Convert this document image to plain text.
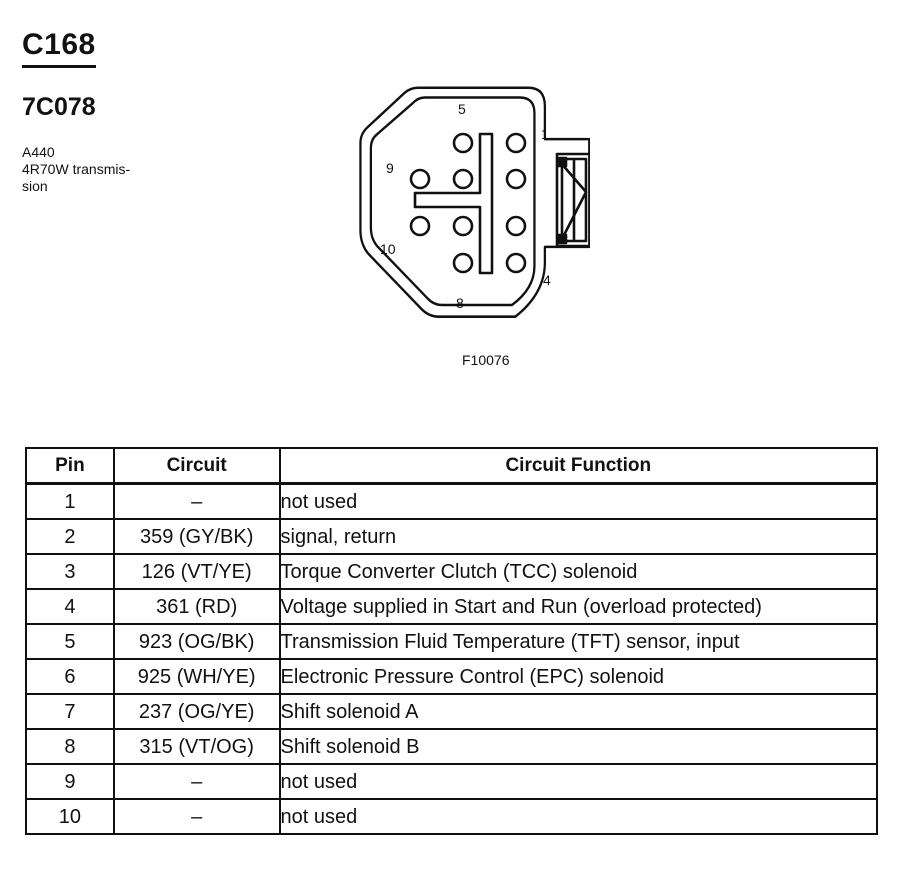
C168
7C078
A440
4R70W transmis-
sion
5
1
9
10
4
8
F10076
Pin	Circuit	Circuit Function
1	–	not used
2	359 (GY/BK)	signal, return
3	126 (VT/YE)	Torque Converter Clutch (TCC) solenoid
4	361 (RD)	Voltage supplied in Start and Run (overload protected)
5	923 (OG/BK)	Transmission Fluid Temperature (TFT) sensor, input
6	925 (WH/YE)	Electronic Pressure Control (EPC) solenoid
7	237 (OG/YE)	Shift solenoid A
8	315 (VT/OG)	Shift solenoid B
9	–	not used
10	–	not used
